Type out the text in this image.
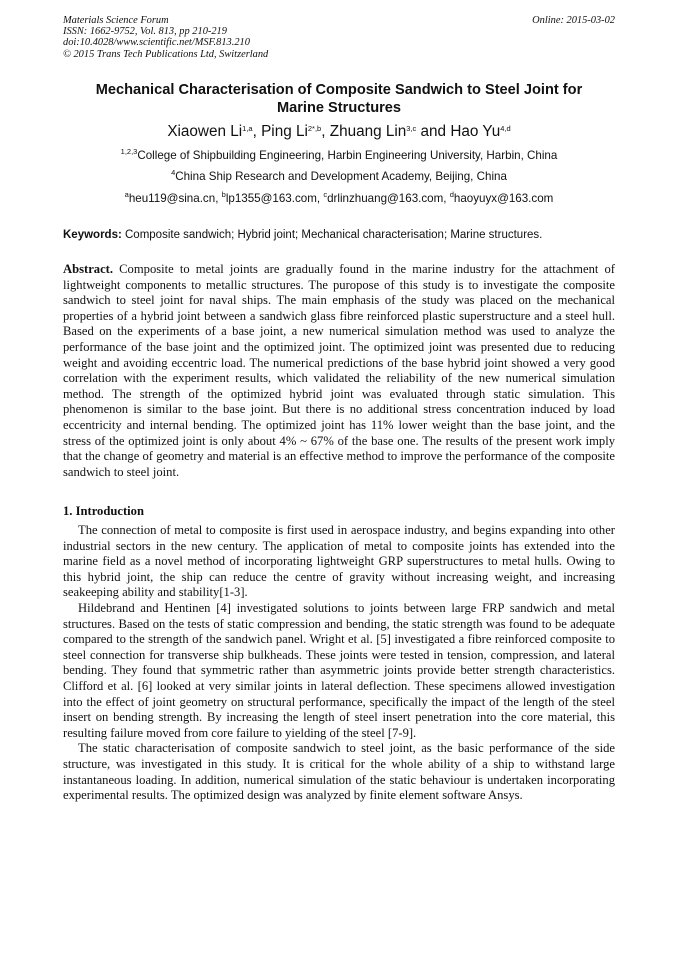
Materials Science Forum
ISSN: 1662-9752, Vol. 813, pp 210-219
doi:10.4028/www.scientific.net/MSF.813.210
© 2015 Trans Tech Publications Ltd, Switzerland
Online: 2015-03-02
Mechanical Characterisation of Composite Sandwich to Steel Joint for
Marine Structures
Xiaowen Li$^{1,a}$, Ping $Li^{2*,b}$, Zhuang Lin$^{3,c}$ and Hao Yu$^{4,d}$
$^{1,2,3}$College of Shipbuilding Engineering, Harbin Engineering University, Harbin, China
$^4$China Ship Research and Development Academy, Beijing, China
$^a$heu119@sina.cn, $^b$lp1355@163.com, $^c$drlinzhuang@163.com, $^d$haoyuyx@163.com
Keywords: Composite sandwich; Hybrid joint; Mechanical characterisation; Marine structures.
Abstract. Composite to metal joints are gradually found in the marine industry for the attachment of lightweight components to metallic structures. The puropose of this study is to investigate the composite sandwich to steel joint for naval ships. The main emphasis of the study was placed on the mechanical properties of a hybrid joint between a sandwich glass fibre reinforced plastic superstructure and a steel hull. Based on the experiments of a base joint, a new numerical simulation method was used to analyze the performance of the base joint and the optimized joint. The optimized joint was presented due to reducing weight and avoiding eccentric load. The numerical predictions of the base hybrid joint showed a very good correlation with the experiment results, which validated the reliability of the new numerical simulation method. The strength of the optimized hybrid joint was evaluated through static simulation. This phenomenon is similar to the base joint. But there is no additional stress concentration induced by load eccentricity and internal bending. The optimized joint has 11% lower weight than the base joint, and the stress of the optimized joint is only about 4% ~ 67% of the base one. The results of the present work imply that the change of geometry and material is an effective method to improve the performance of the composite sandwich to steel joint.
1. Introduction

The connection of metal to composite is first used in aerospace industry, and begins expanding into other industrial sectors in the new century. The application of metal to composite joints has extended into the marine field as a novel method of incorporating lightweight GRP superstructures to metal hulls. Owing to this hybrid joint, the ship can reduce the centre of gravity without increasing weight, and increasing seakeeping ability and stability[1-3].

Hildebrand and Hentinen [4] investigated solutions to joints between large FRP sandwich and metal structures. Based on the tests of static compression and bending, the static strength was found to be adequate compared to the strength of the sandwich panel. Wright et al. [5] investigated a fibre reinforced composite to steel connection for transverse ship bulkheads. These joints were tested in tension, compression, and lateral bending. They found that symmetric rather than asymmetric joints provide better strength characteristics. Clifford et al. [6] looked at very similar joints in lateral deflection. These specimens allowed investigation into the effect of joint geometry on structural performance, specifically the impact of the length of the steel insert on bending strength. By increasing the length of steel insert penetration into the core material, this resulting failure moved from core failure to yielding of the steel [7-9].

The static characterisation of composite sandwich to steel joint, as the basic performance of the side structure, was investigated in this study. It is critical for the whole ability of a ship to withstand large instantaneous loading. In addition, numerical simulation of the static behaviour is undertaken incorporating experimental results. The optimized design was analyzed by finite element software Ansys.
